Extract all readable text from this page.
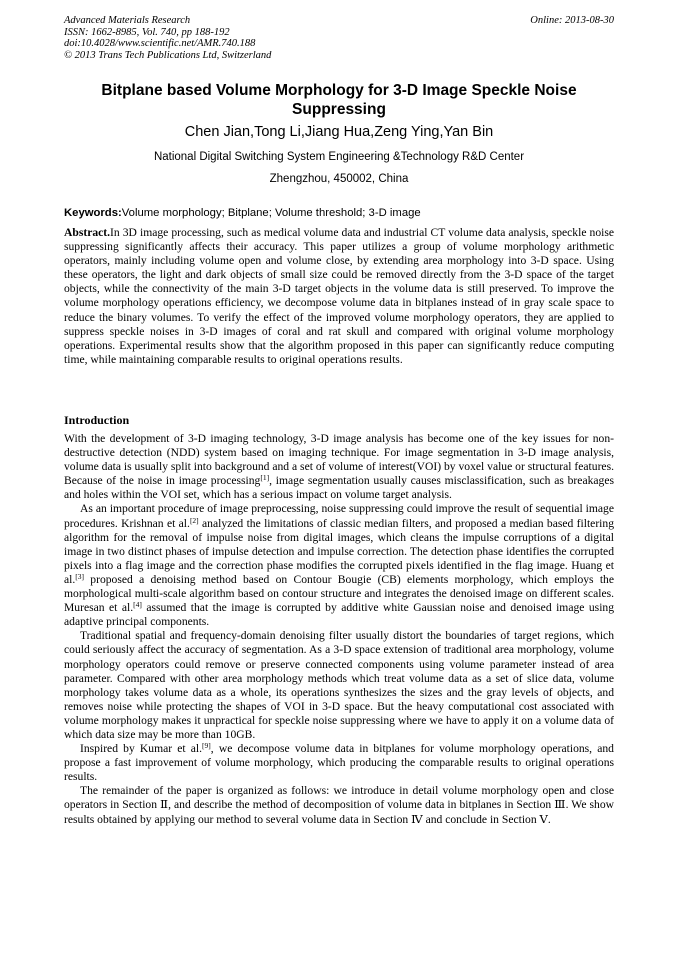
Advanced Materials Research
ISSN: 1662-8985, Vol. 740, pp 188-192
doi:10.4028/www.scientific.net/AMR.740.188
© 2013 Trans Tech Publications Ltd, Switzerland
Online: 2013-08-30
Bitplane based Volume Morphology for 3-D Image Speckle Noise Suppressing
Chen Jian,Tong Li,Jiang Hua,Zeng Ying,Yan Bin
National Digital Switching System Engineering &Technology R&D Center
Zhengzhou, 450002, China
Keywords:Volume morphology; Bitplane; Volume threshold; 3-D image

Abstract.In 3D image processing, such as medical volume data and industrial CT volume data analysis, speckle noise suppressing significantly affects their accuracy. This paper utilizes a group of volume morphology arithmetic operators, mainly including volume open and volume close, by extending area morphology into 3-D space. Using these operators, the light and dark objects of small size could be removed directly from the 3-D space of the target objects, while the connectivity of the main 3-D target objects in the volume data is still preserved. To improve the volume morphology operations efficiency, we decompose volume data in bitplanes instead of in gray scale space to reduce the binary volumes. To verify the effect of the improved volume morphology operators, they are applied to suppress speckle noises in 3-D images of coral and rat skull and compared with original volume morphology operations. Experimental results show that the algorithm proposed in this paper can significantly reduce computing time, while maintaining comparable results to original operations results.

Introduction

With the development of 3-D imaging technology, 3-D image analysis has become one of the key issues for non-destructive detection (NDD) system based on imaging technique. For image segmentation in 3-D image analysis, volume data is usually split into background and a set of volume of interest(VOI) by voxel value or structural features. Because of the noise in image processing[1], image segmentation usually causes misclassification, such as breakages and holes within the VOI set, which has a serious impact on volume target analysis.

As an important procedure of image preprocessing, noise suppressing could improve the result of sequential image procedures. Krishnan et al.[2] analyzed the limitations of classic median filters, and proposed a median based filtering algorithm for the removal of impulse noise from digital images, which cleans the impulse corruptions of a digital image in two distinct phases of impulse detection and impulse correction. The detection phase identifies the corrupted pixels into a flag image and the correction phase modifies the corrupted pixels identified in the flag image. Huang et al.[3] proposed a denoising method based on Contour Bougie (CB) elements morphology, which employs the morphological multi-scale algorithm based on contour structure and integrates the denoised image on different scales. Muresan et al.[4] assumed that the image is corrupted by additive white Gaussian noise and denoised image using adaptive principal components.

Traditional spatial and frequency-domain denoising filter usually distort the boundaries of target regions, which could seriously affect the accuracy of segmentation. As a 3-D space extension of traditional area morphology, volume morphology operators could remove or preserve connected components using volume parameter instead of area parameter. Compared with other area morphology methods which treat volume data as a set of slice data, volume morphology takes volume data as a whole, its operations synthesizes the sizes and the gray levels of objects, and removes noise while protecting the shapes of VOI in 3-D space. But the heavy computational cost associated with volume morphology makes it unpractical for speckle noise suppressing where we have to apply it on a volume data of which data size may be more than 10GB.

Inspired by Kumar et al.[9], we decompose volume data in bitplanes for volume morphology operations, and propose a fast improvement of volume morphology, which producing the comparable results to original operations results.

The remainder of the paper is organized as follows: we introduce in detail volume morphology open and close operators in Section Ⅱ, and describe the method of decomposition of volume data in bitplanes in Section Ⅲ. We show results obtained by applying our method to several volume data in Section Ⅳ and conclude in Section Ⅴ.
